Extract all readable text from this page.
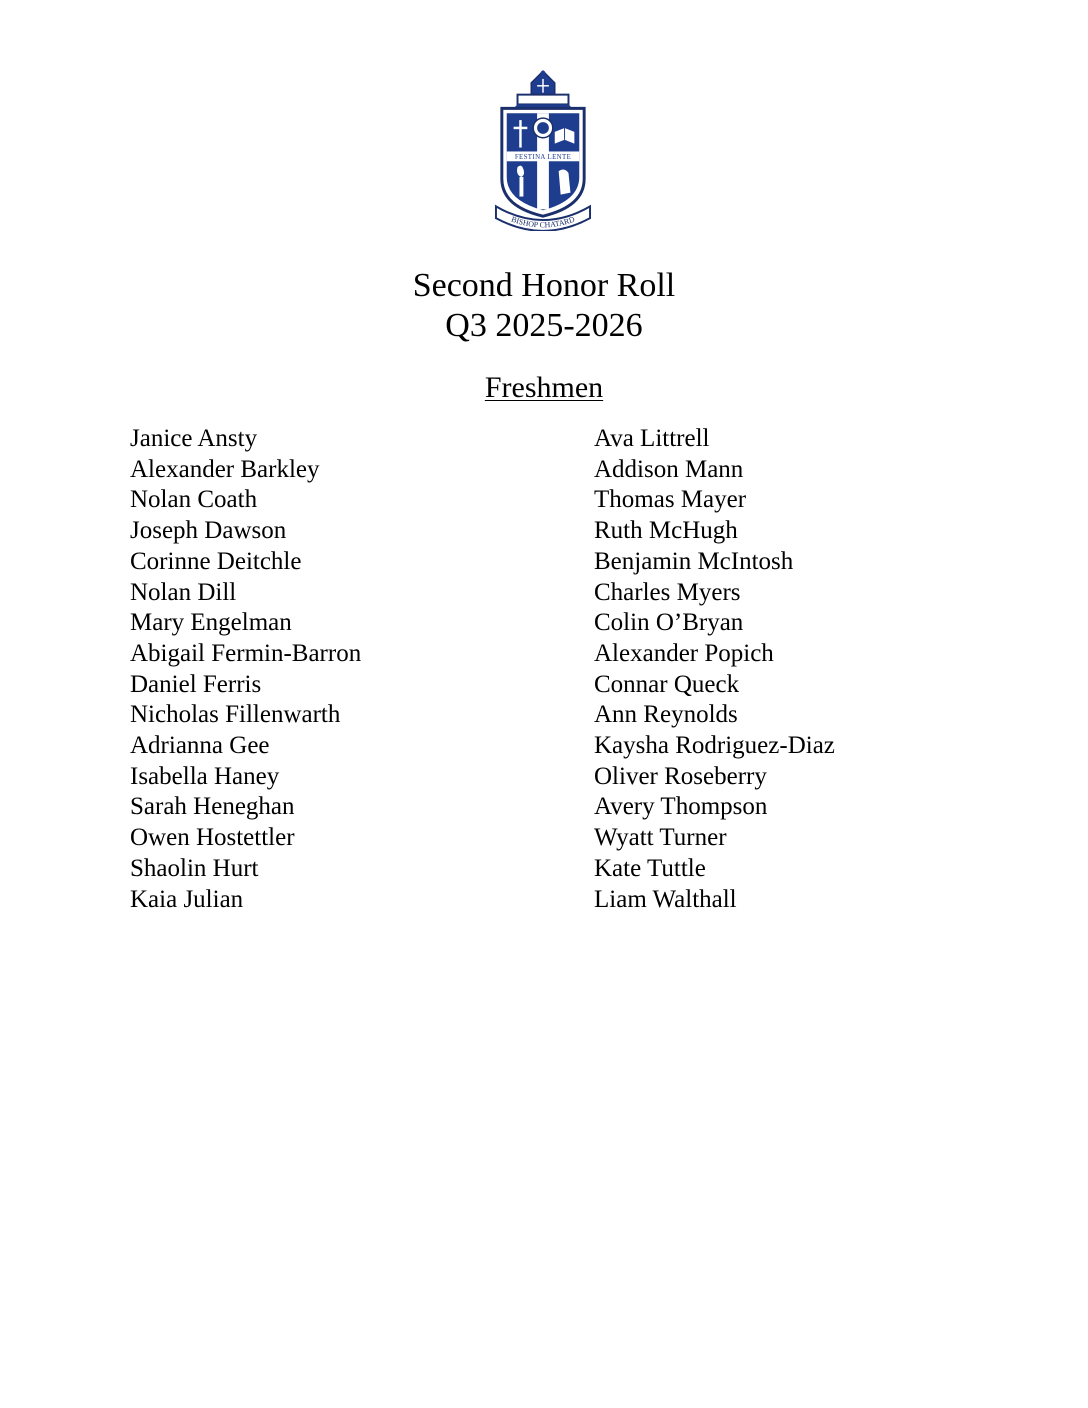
FESTINA LENTE
BISHOP CHATARD
Second Honor Roll
Q3 2025-2026
Freshmen
Janice Ansty
Alexander Barkley
Nolan Coath
Joseph Dawson
Corinne Deitchle
Nolan Dill
Mary Engelman
Abigail Fermin-Barron
Daniel Ferris
Nicholas Fillenwarth
Adrianna Gee
Isabella Haney
Sarah Heneghan
Owen Hostettler
Shaolin Hurt
Kaia Julian
Ava Littrell
Addison Mann
Thomas Mayer
Ruth McHugh
Benjamin McIntosh
Charles Myers
Colin O’Bryan
Alexander Popich
Connar Queck
Ann Reynolds
Kaysha Rodriguez-Diaz
Oliver Roseberry
Avery Thompson
Wyatt Turner
Kate Tuttle
Liam Walthall
